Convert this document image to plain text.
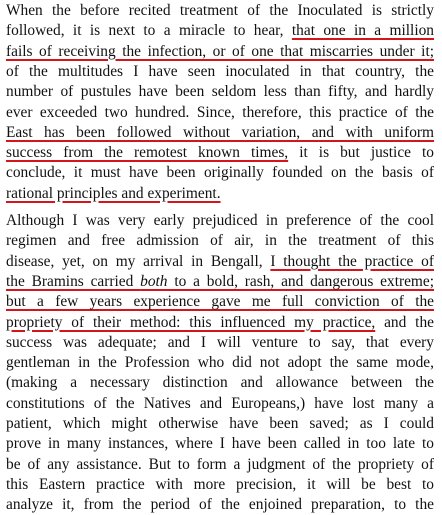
When the before recited treatment of the Inoculated is strictly
followed, it is next to a miracle to hear, that one in a million
fails of receiving the infection, or of one that miscarries under it;
of the multitudes I have seen inoculated in that country, the
number of pustules have been seldom less than fifty, and hardly
ever exceeded two hundred. Since, therefore, this practice of the
East has been followed without variation, and with uniform
success from the remotest known times, it is but justice to
conclude, it must have been originally founded on the basis of
rational principles and experiment.
Although I was very early prejudiced in preference of the cool
regimen and free admission of air, in the treatment of this
disease, yet, on my arrival in Bengall, I thought the practice of
the Bramins carried both to a bold, rash, and dangerous extreme;
but a few years experience gave me full conviction of the
propriety of their method: this influenced my practice, and the
success was adequate; and I will venture to say, that every
gentleman in the Profession who did not adopt the same mode,
(making a necessary distinction and allowance between the
constitutions of the Natives and Europeans,) have lost many a
patient, which might otherwise have been saved; as I could
prove in many instances, where I have been called in too late to
be of any assistance. But to form a judgment of the propriety of
this Eastern practice with more precision, it will be best to
analyze it, from the period of the enjoined preparation, to the
